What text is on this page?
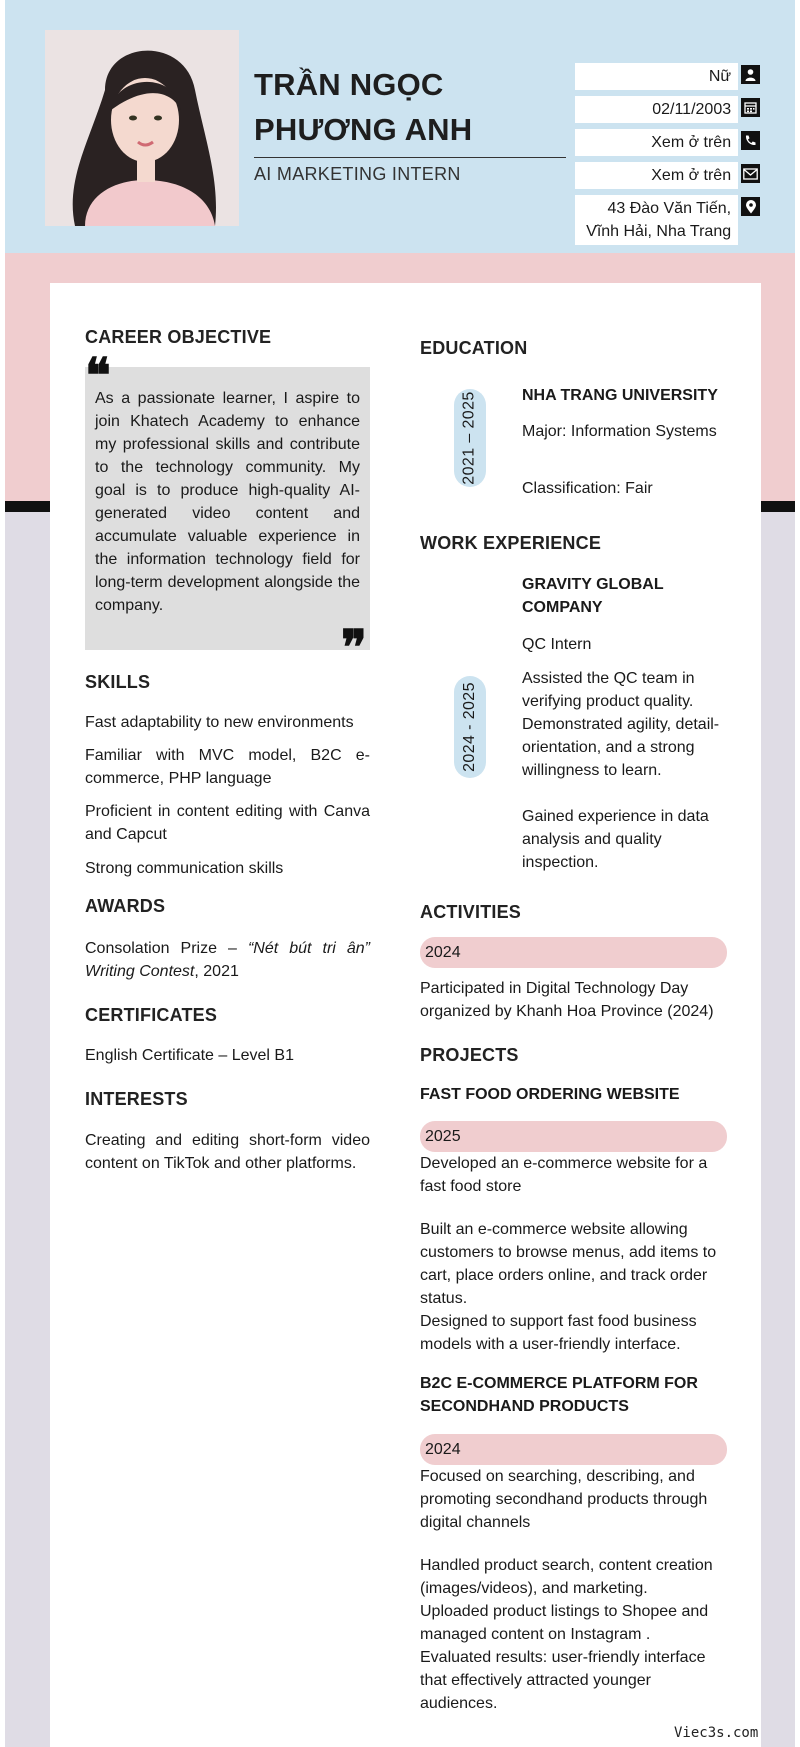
TRẦN NGỌC PHƯƠNG ANH
AI MARKETING INTERN
Nữ
02/11/2003
Xem ở trên
Xem ở trên
43 Đào Văn Tiến, Vĩnh Hải, Nha Trang
CAREER OBJECTIVE
As a passionate learner, I aspire to join Khatech Academy to enhance my professional skills and contribute to the technology community. My goal is to produce high-quality AI-generated video content and accumulate valuable experience in the information technology field for long-term development alongside the company.
❝
❞
SKILLS
Fast adaptability to new environments
Familiar with MVC model, B2C e-commerce, PHP language
Proficient in content editing with Canva and Capcut
Strong communication skills
AWARDS
Consolation Prize – “Nét bút tri ân” Writing Contest, 2021
CERTIFICATES
English Certificate – Level B1
INTERESTS
Creating and editing short-form video content on TikTok and other platforms.
EDUCATION
2021 – 2025	NHA TRANG UNIVERSITY
Major: Information Systems
Classification: Fair
WORK EXPERIENCE
2024 - 2025
GRAVITY GLOBAL COMPANY
QC Intern
Assisted the QC team in verifying product quality. Demonstrated agility, detail-orientation, and a strong willingness to learn.
Gained experience in data analysis and quality inspection.
ACTIVITIES
2024
Participated in Digital Technology Day organized by Khanh Hoa Province (2024)
PROJECTS
FAST FOOD ORDERING WEBSITE
2025
Developed an e-commerce website for a fast food store
Built an e-commerce website allowing customers to browse menus, add items to cart, place orders online, and track order status.
Designed to support fast food business models with a user-friendly interface.
B2C E-COMMERCE PLATFORM FOR SECONDHAND PRODUCTS
2024
Focused on searching, describing, and promoting secondhand products through digital channels
Handled product search, content creation (images/videos), and marketing.
Uploaded product listings to Shopee and managed content on Instagram .
Evaluated results: user-friendly interface that effectively attracted younger audiences.
Viec3s.com
